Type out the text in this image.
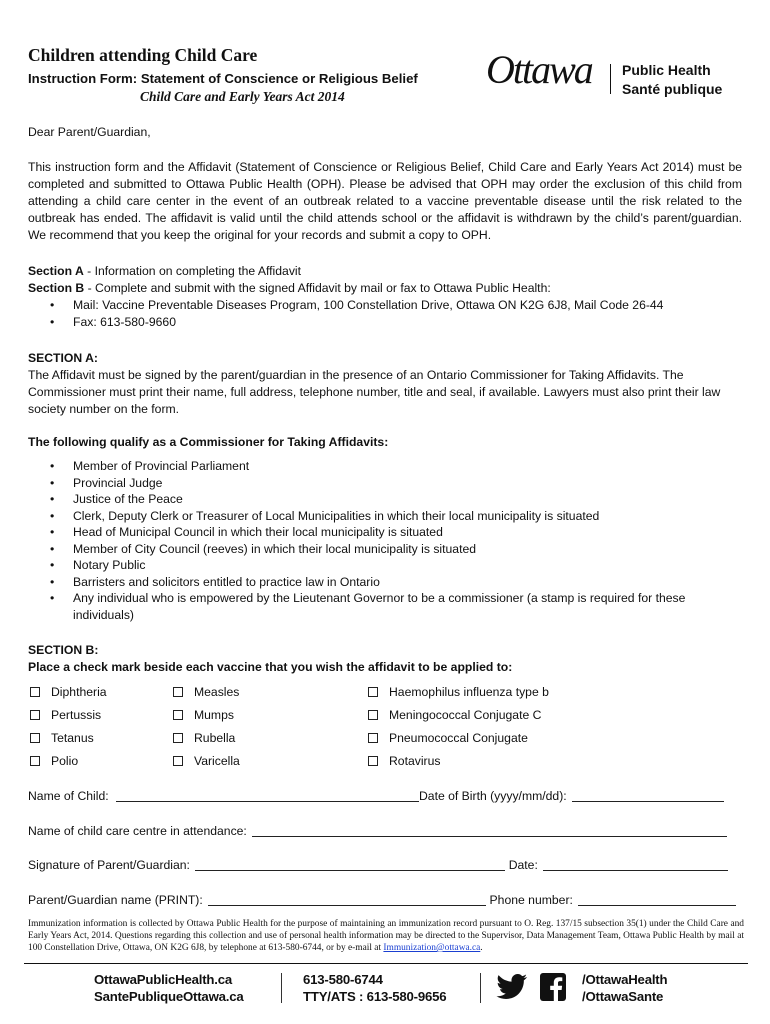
Children attending Child Care
Instruction Form: Statement of Conscience or Religious Belief
Child Care and Early Years Act 2014
Ottawa Public Health
Santé publique
Dear Parent/Guardian,
This instruction form and the Affidavit (Statement of Conscience or Religious Belief, Child Care and Early Years Act 2014) must be completed and submitted to Ottawa Public Health (OPH). Please be advised that OPH may order the exclusion of this child from attending a child care center in the event of an outbreak related to a vaccine preventable disease until the risk related to the outbreak has ended. The affidavit is valid until the child attends school or the affidavit is withdrawn by the child’s parent/guardian. We recommend that you keep the original for your records and submit a copy to OPH.
Section A - Information on completing the Affidavit
Section B - Complete and submit with the signed Affidavit by mail or fax to Ottawa Public Health:
• Mail: Vaccine Preventable Diseases Program, 100 Constellation Drive, Ottawa ON K2G 6J8, Mail Code 26-44
• Fax: 613-580-9660
SECTION A:
The Affidavit must be signed by the parent/guardian in the presence of an Ontario Commissioner for Taking Affidavits. The Commissioner must print their name, full address, telephone number, title and seal, if available. Lawyers must also print their law society number on the form.
The following qualify as a Commissioner for Taking Affidavits:
• Member of Provincial Parliament
• Provincial Judge
• Justice of the Peace
• Clerk, Deputy Clerk or Treasurer of Local Municipalities in which their local municipality is situated
• Head of Municipal Council in which their local municipality is situated
• Member of City Council (reeves) in which their local municipality is situated
• Notary Public
• Barristers and solicitors entitled to practice law in Ontario
• Any individual who is empowered by the Lieutenant Governor to be a commissioner (a stamp is required for these individuals)
SECTION B:
Place a check mark beside each vaccine that you wish the affidavit to be applied to:
Diphtheria	Measles	Haemophilus influenza type b
Pertussis	Mumps	Meningococcal Conjugate C
Tetanus	Rubella	Pneumococcal Conjugate
Polio	Varicella	Rotavirus
Name of Child:	Date of Birth (yyyy/mm/dd):
Name of child care centre in attendance:
Signature of Parent/Guardian:	Date:
Parent/Guardian name (PRINT):	Phone number:
Immunization information is collected by Ottawa Public Health for the purpose of maintaining an immunization record pursuant to O. Reg. 137/15 subsection 35(1) under the Child Care and Early Years Act, 2014. Questions regarding this collection and use of personal health information may be directed to the Supervisor, Data Management Team, Ottawa Public Health by mail at 100 Constellation Drive, Ottawa, ON K2G 6J8, by telephone at 613-580-6744, or by e-mail at Immunization@ottawa.ca.
OttawaPublicHealth.ca
SantePubliqueOttawa.ca
613-580-6744
TTY/ATS : 613-580-9656
/OttawaHealth
/OttawaSante
